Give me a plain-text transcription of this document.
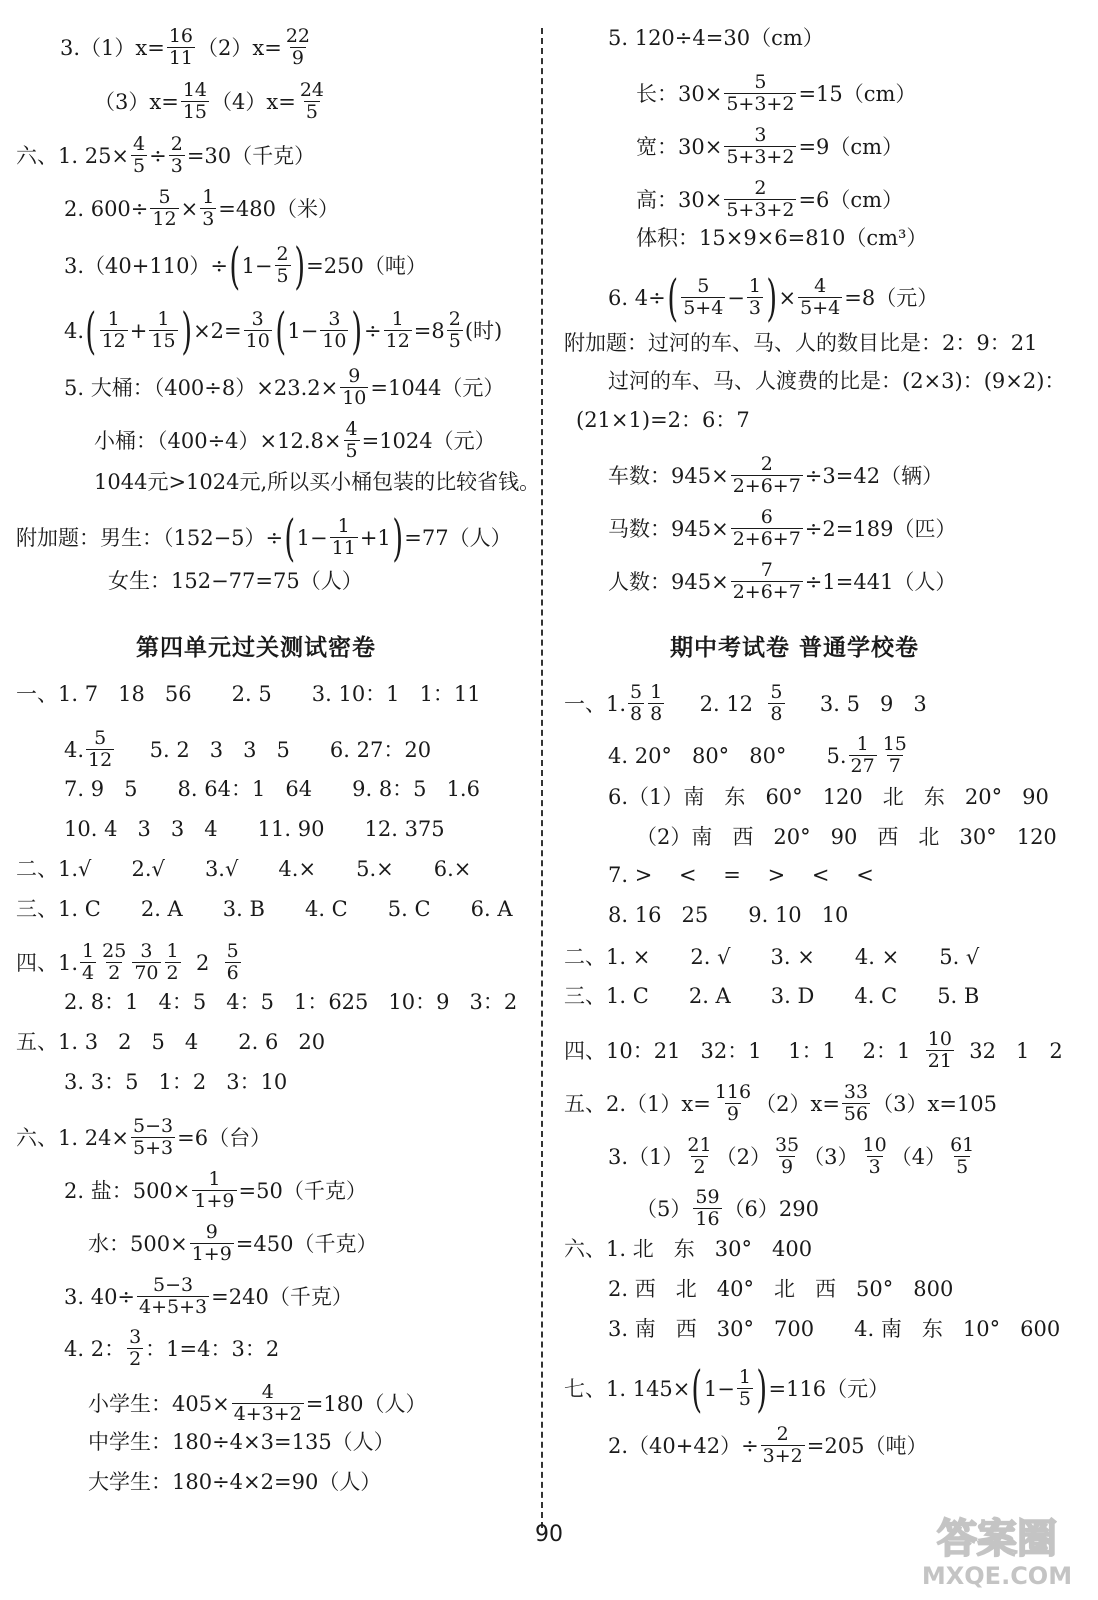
第四单元过关测试密卷
$3.(1)x= \frac{16}{11} (2)x= \frac{22}{9}$
$(3)x= \frac{14}{15} (4)x= \frac{24}{5}$
六、1. $25\times \frac{4}{5} \div \frac{2}{3} =30$（千克）
2. $600\div \frac{5}{12} \times \frac{1}{3} =480$（米）
3.（40+110）÷ ( $1- \frac{2}{5}$ ) =250（吨）
4. ( $\frac{1}{12} + \frac{1}{15}$ ) $\times 2= \frac{3}{10}$ ( $1- \frac{3}{10}$ ) ÷ $\frac{1}{12} =8 \frac{2}{5}$ (时)
5. 大桶：$(400\div 8)\times 23.2\times \frac{9}{10} =1044$（元）
小桶：$(400\div 4)\times 12.8\times \frac{4}{5} =1024$（元）
1044元>1024元,所以买小桶包装的比较省钱。
附加题：男生：（152−5）÷ ( $1- \frac{1}{11} +1$ ) =77（人）
女生：152−77=75（人）
一、1. 7   18   56      2. 5      3. 10：1   1：11
4. $\frac{5}{12} 5$. 2   3   3   5      6. 27：20
7. 9   5      8. 64：1   64      9. 8：5   1.6
10. 4   3   3   4      11. 90      12. 375
二、1.√      2.√      3.√      4.×      5.×      6.×
三、1. C      2. A      3. B      4. C      5. C      6. A
四、1. $\frac{1}{4} \frac{25}{2} \frac{3}{70} \frac{1}{2} 2 \frac{5}{6}$
2. 8：1   4：5   4：5   1：625   10：9   3：2
五、1. 3   2   5   4      2. 6   20
3. 3：5   1：2   3：10
六、1. $24\times \frac{5-3}{5+3} =6$（台）
2. 盐：$500\times \frac{1}{1+9} =50$（千克）
水：$500\times \frac{9}{1+9} =450$（千克）
3. $40\div \frac{5-3}{4+5+3} =240$（千克）
4. 2： $\frac{3}{2}$ ：1=4：3：2
小学生：$405\times \frac{4}{4+3+2} =180$（人）
中学生：180÷4×3=135（人）
大学生：180÷4×2=90（人）
期中考试卷 普通学校卷
5. 120÷4=30（cm）
长：$30\times \frac{5}{5+3+2} =15(cm)$
宽：$30\times \frac{3}{5+3+2} =9(cm)$
高：$30\times \frac{2}{5+3+2} =6(cm)$
体积：15×9×6=810（cm³）
6. 4÷ ( $\frac{5}{5+4} - \frac{1}{3}$ ) × $\frac{4}{5+4} =8$（元）
附加题：过河的车、马、人的数目比是：2：9：21
过河的车、马、人渡费的比是：(2×3)：(9×2)：
(21×1)=2：6：7
车数：$945\times \frac{2}{2+6+7} \div 3=42$（辆）
马数：$945\times \frac{6}{2+6+7} \div 2=189$（匹）
人数：$945\times \frac{7}{2+6+7} \div 1=441$（人）
一、1. $\frac{5}{8} \frac{1}{8} 2$. $12 \frac{5}{8} 3$. 5   9   3
4. 20°   80°   80°      5. $\frac{1}{27} \frac{15}{7}$
6.（1）南   东   60°   120   北   东   20°   90
（2）南   西   20°   90   西   北   30°   120
7. >    <    =    >    <    <
8. 16   25      9. 10   10
二、1. ×      2. √      3. ×      4. ×      5. √
三、1. C      2. A      3. D      4. C      5. B
四、10：21   32：1    1：1    2：$1 \frac{10}{21} 32$   1   2
五、$2.(1)x= \frac{116}{9} (2)x= \frac{33}{56} (3)x=105$
$3.(1) \frac{21}{2} (2) \frac{35}{9} (3) \frac{10}{3} (4) \frac{61}{5}$
$(5) \frac{59}{16} (6)290$
六、1. 北   东   30°   400
2. 西   北   40°   北   西   50°   800
3. 南   西   30°   700      4. 南   东   10°   600
七、1. 145× ( $1- \frac{1}{5}$ ) =116（元）
$2.(40+42)\div \frac{2}{3+2} =205$（吨）
90	答案圈
MXQE.COM
